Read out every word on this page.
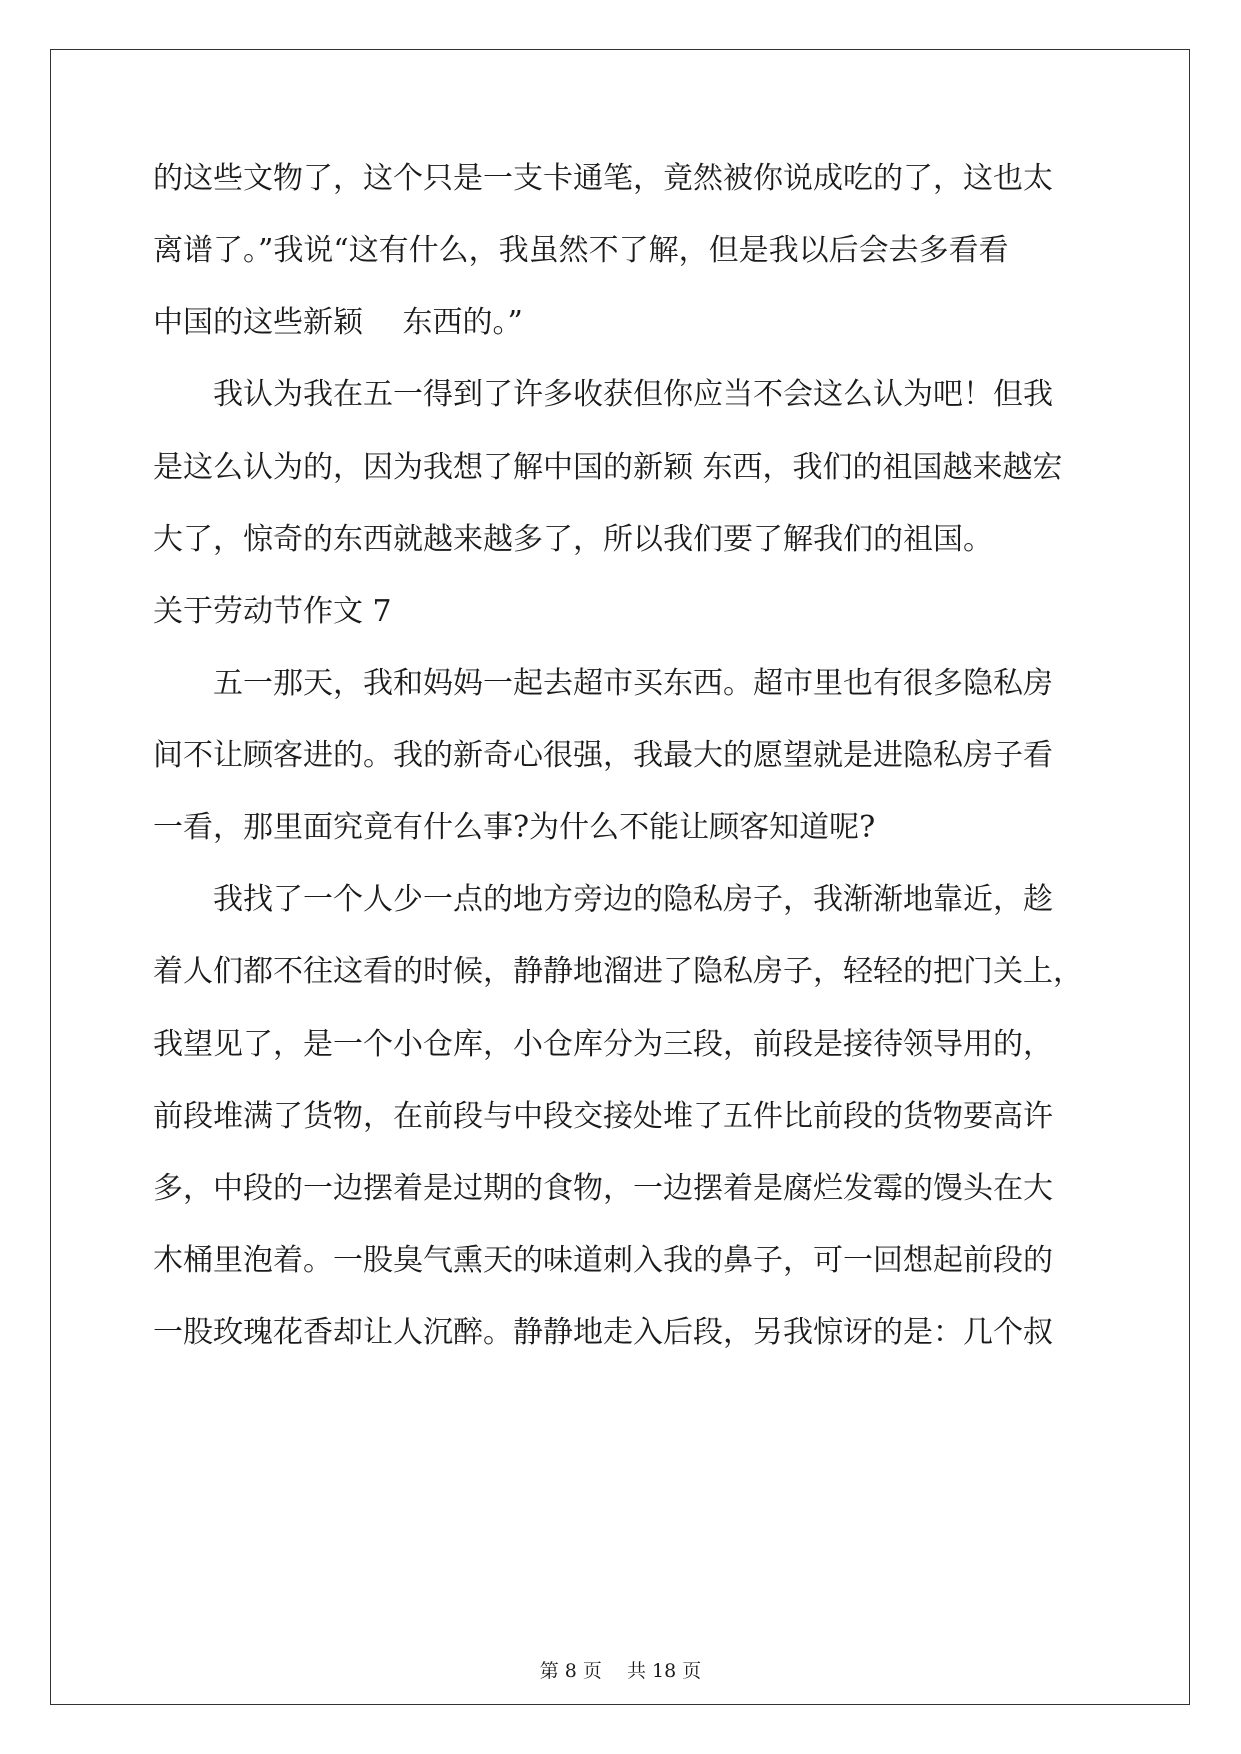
的这些文物了，这个只是一支卡通笔，竟然被你说成吃的了，这也太

离谱了。”我说“这有什么，我虽然不了解，但是我以后会去多看看

中国的这些新颖　 东西的。”

　　我认为我在五一得到了许多收获但你应当不会这么认为吧！但我

是这么认为的，因为我想了解中国的新颖 东西，我们的祖国越来越宏

大了，惊奇的东西就越来越多了，所以我们要了解我们的祖国。

关于劳动节作文 7

　　五一那天，我和妈妈一起去超市买东西。超市里也有很多隐私房

间不让顾客进的。我的新奇心很强，我最大的愿望就是进隐私房子看

一看，那里面究竟有什么事?为什么不能让顾客知道呢?

　　我找了一个人少一点的地方旁边的隐私房子，我渐渐地靠近，趁

着人们都不往这看的时候，静静地溜进了隐私房子，轻轻的把门关上，

我望见了，是一个小仓库，小仓库分为三段，前段是接待领导用的，

前段堆满了货物，在前段与中段交接处堆了五件比前段的货物要高许

多，中段的一边摆着是过期的食物，一边摆着是腐烂发霉的馒头在大

木桶里泡着。一股臭气熏天的味道刺入我的鼻子，可一回想起前段的

一股玫瑰花香却让人沉醉。静静地走入后段，另我惊讶的是：几个叔

第 8 页　 共 18 页
